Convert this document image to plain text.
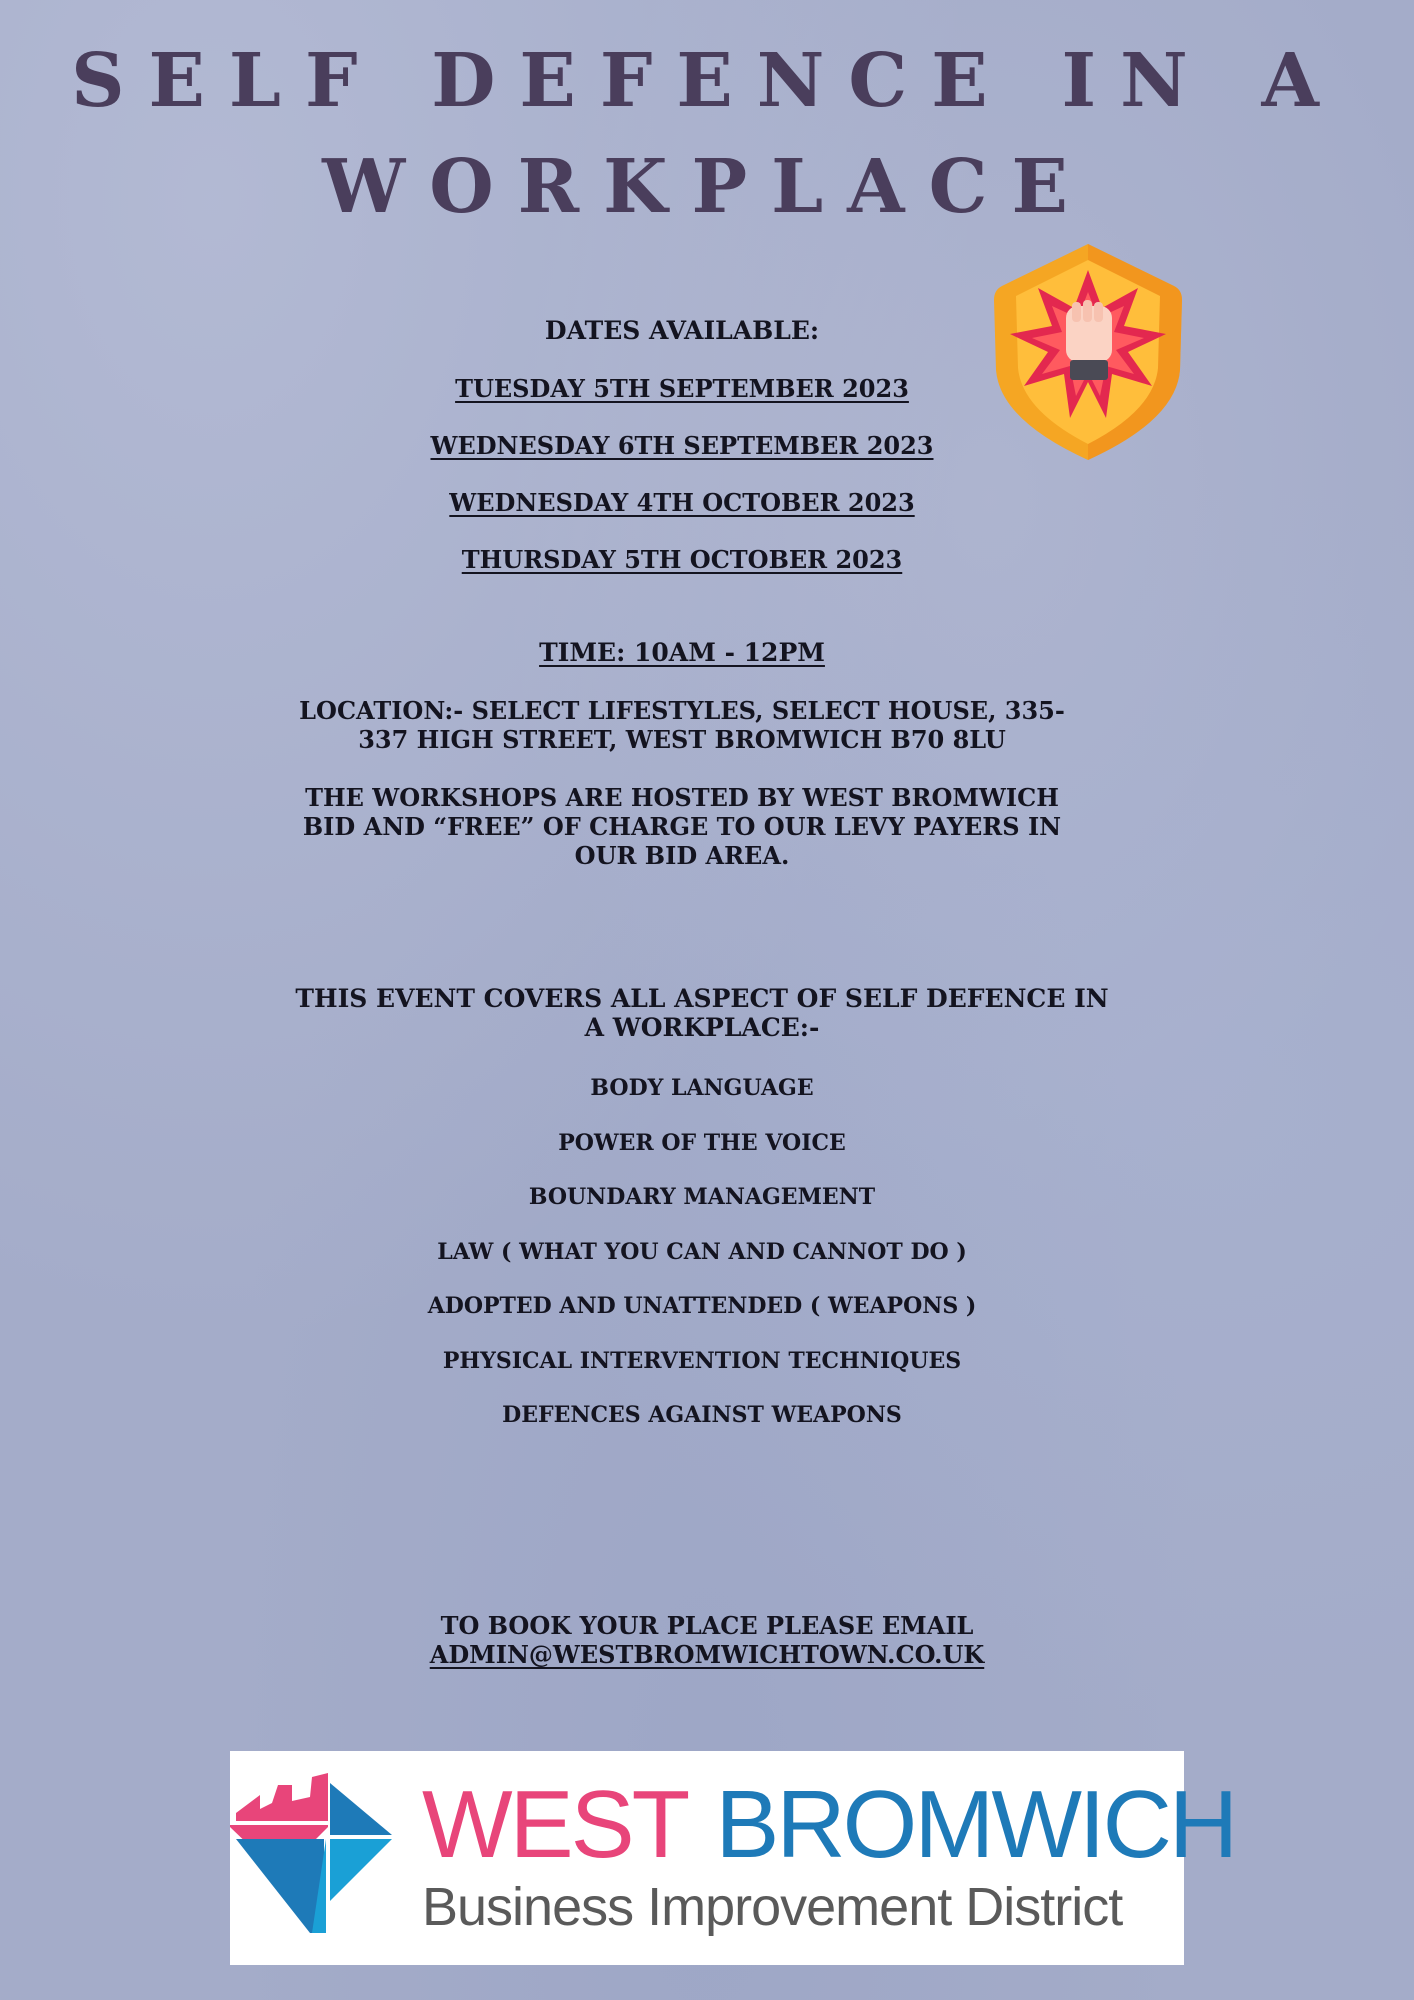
SELF DEFENCE IN A
WORKPLACE
DATES AVAILABLE:
TUESDAY 5TH SEPTEMBER 2023
WEDNESDAY 6TH SEPTEMBER 2023
WEDNESDAY 4TH OCTOBER 2023
THURSDAY 5TH OCTOBER 2023
TIME: 10AM - 12PM
LOCATION:- SELECT LIFESTYLES, SELECT HOUSE, 335-
337 HIGH STREET, WEST BROMWICH B70 8LU
THE WORKSHOPS ARE HOSTED BY WEST BROMWICH
BID AND “FREE” OF CHARGE TO OUR LEVY PAYERS IN
OUR BID AREA.
THIS EVENT COVERS ALL ASPECT OF SELF DEFENCE IN
A WORKPLACE:-
BODY LANGUAGE
POWER OF THE VOICE
BOUNDARY MANAGEMENT
LAW ( WHAT YOU CAN AND CANNOT DO )
ADOPTED AND UNATTENDED ( WEAPONS )
PHYSICAL INTERVENTION TECHNIQUES
DEFENCES AGAINST WEAPONS
TO BOOK YOUR PLACE PLEASE EMAIL
ADMIN@WESTBROMWICHTOWN.CO.UK
WEST BROMWICH
Business Improvement District
